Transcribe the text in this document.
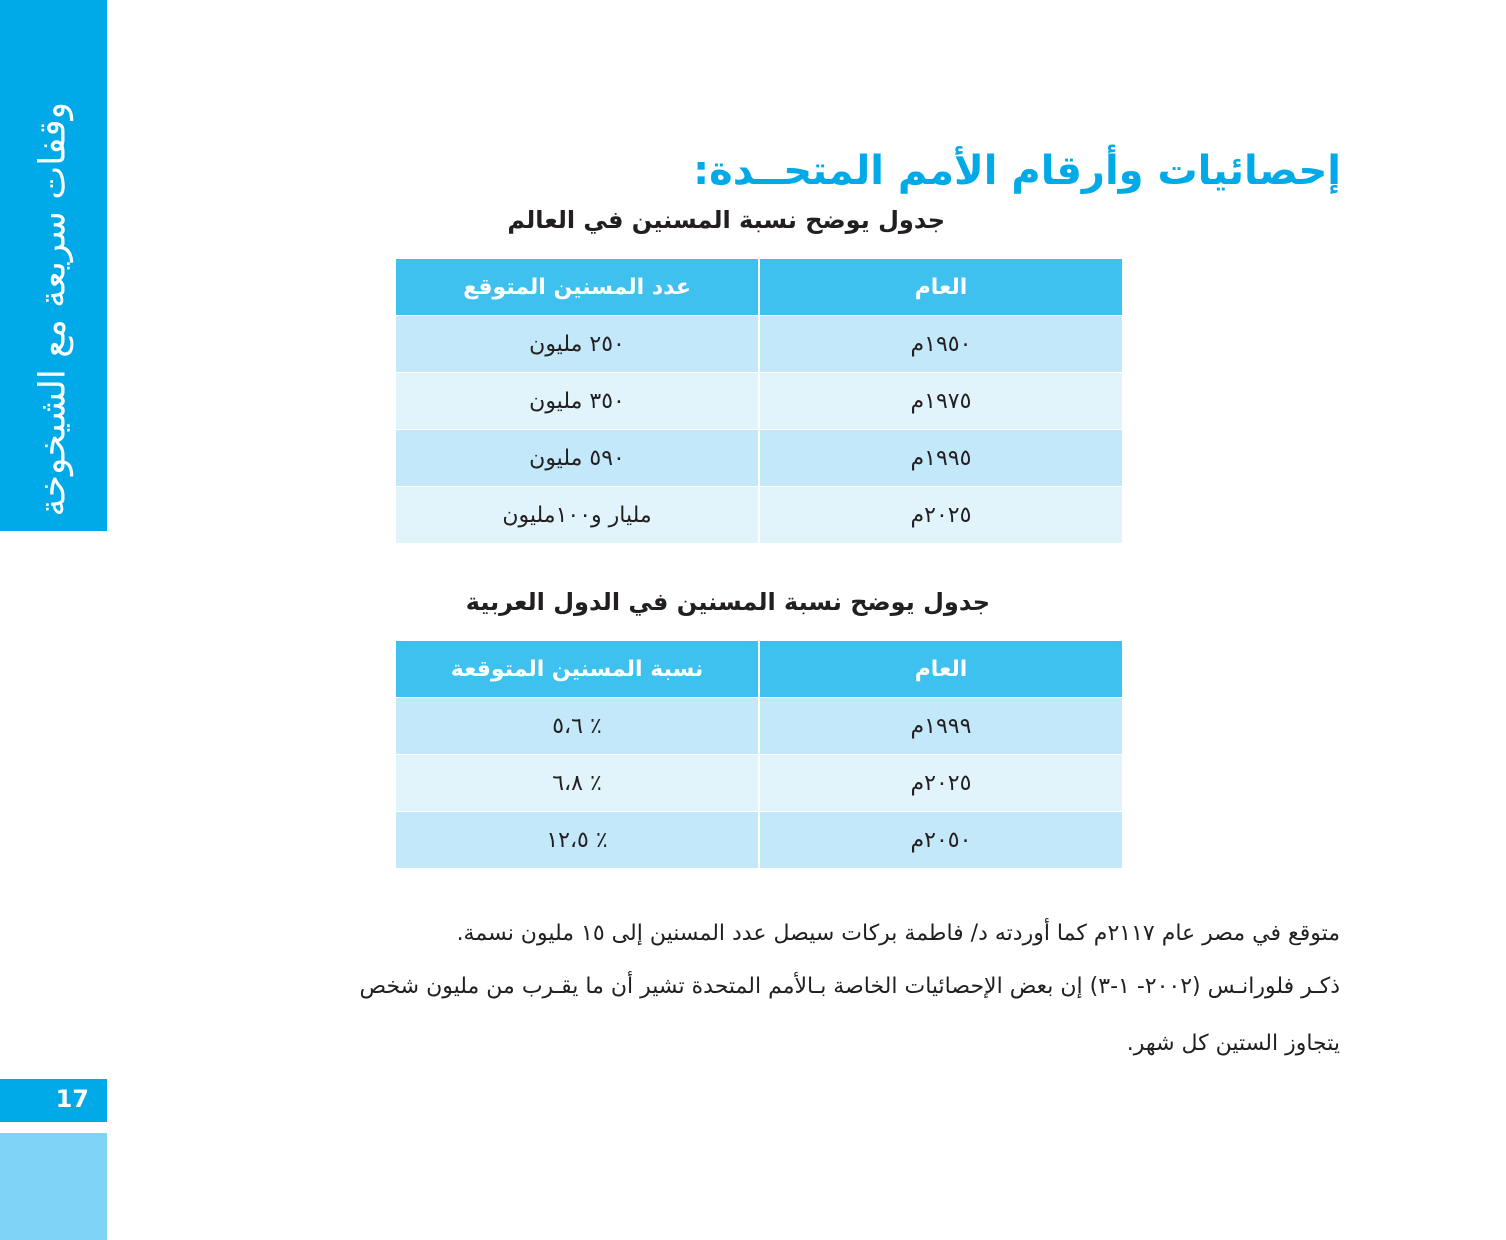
وقفات سريعة مع الشيخوخة
17
إحصائيات وأرقام الأمم المتحــدة:
جدول يوضح نسبة المسنين في العالم
العام	عدد المسنين المتوقع
١٩٥٠م	٢٥٠ مليون
١٩٧٥م	٣٥٠ مليون
١٩٩٥م	٥٩٠ مليون
٢٠٢٥م	مليار و١٠٠مليون
جدول يوضح نسبة المسنين في الدول العربية
العام	نسبة المسنين المتوقعة
١٩٩٩م	٪ ٥،٦
٢٠٢٥م	٪ ٦،٨
٢٠٥٠م	٪ ١٢،٥
متوقع في مصر عام ٢١١٧م كما أوردته د/ فاطمة بركات سيصل عدد المسنين إلى ١٥ مليون نسمة.
ذكـر فلورانـس (٢٠٠٢- ١-٣) إن بعض الإحصائيات الخاصة بـالأمم المتحدة تشير أن ما يقـرب من مليون شخص
يتجاوز الستين كل شهر.
